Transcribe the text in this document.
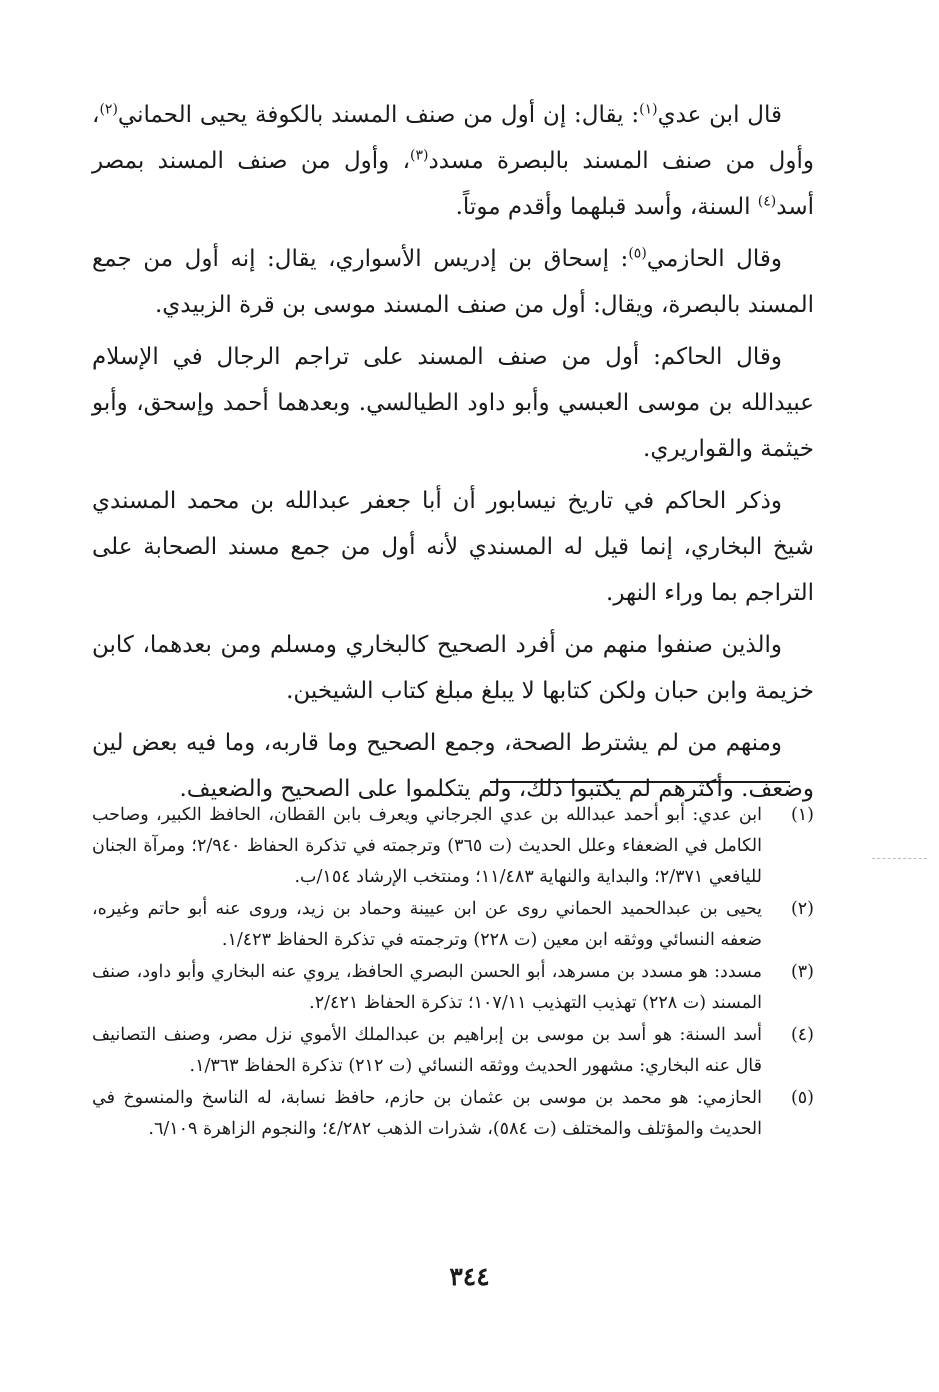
قال ابن عدي$^{(١)}$: يقال: إن أول من صنف المسند بالكوفة يحيى الحماني$^{(٢)}$، وأول من صنف المسند بالبصرة مسدد$^{(٣)}$، وأول من صنف المسند بمصر أسد$^{(٤)}$ السنة، وأسد قبلهما وأقدم موتاً.

وقال الحازمي$^{(٥)}$: إسحاق بن إدريس الأسواري، يقال: إنه أول من جمع المسند بالبصرة، ويقال: أول من صنف المسند موسى بن قرة الزبيدي.

وقال الحاكم: أول من صنف المسند على تراجم الرجال في الإسلام عبيدالله بن موسى العبسي وأبو داود الطيالسي. وبعدهما أحمد وإسحق، وأبو خيثمة والقواريري.

وذكر الحاكم في تاريخ نيسابور أن أبا جعفر عبدالله بن محمد المسندي شيخ البخاري، إنما قيل له المسندي لأنه أول من جمع مسند الصحابة على التراجم بما وراء النهر.

والذين صنفوا منهم من أفرد الصحيح كالبخاري ومسلم ومن بعدهما، كابن خزيمة وابن حبان ولكن كتابها لا يبلغ مبلغ كتاب الشيخين.

ومنهم من لم يشترط الصحة، وجمع الصحيح وما قاربه، وما فيه بعض لين وضعف. وأكثرهم لم يكتبوا ذلك، ولم يتكلموا على الصحيح والضعيف.

(١)
ابن عدي: أبو أحمد عبدالله بن عدي الجرجاني ويعرف بابن القطان، الحافظ الكبير، وصاحب الكامل في الضعفاء وعلل الحديث (ت ٣٦٥) وترجمته في تذكرة الحفاظ ٢/٩٤٠؛ ومرآة الجنان لليافعي ٢/٣٧١؛ والبداية والنهاية ١١/٤٨٣؛ ومنتخب الإرشاد ١٥٤/ب.
(٢)
يحيى بن عبدالحميد الحماني روى عن ابن عيينة وحماد بن زيد، وروى عنه أبو حاتم وغيره، ضعفه النسائي ووثقه ابن معين (ت ٢٢٨) وترجمته في تذكرة الحفاظ ١/٤٢٣.
(٣)
مسدد: هو مسدد بن مسرهد، أبو الحسن البصري الحافظ، يروي عنه البخاري وأبو داود، صنف المسند (ت ٢٢٨) تهذيب التهذيب ١٠٧/١١؛ تذكرة الحفاظ ٢/٤٢١.
(٤)
أسد السنة: هو أسد بن موسى بن إبراهيم بن عبدالملك الأموي نزل مصر، وصنف التصانيف قال عنه البخاري: مشهور الحديث ووثقه النسائي (ت ٢١٢) تذكرة الحفاظ ١/٣٦٣.
(٥)
الحازمي: هو محمد بن موسى بن عثمان بن حازم، حافظ نسابة، له الناسخ والمنسوخ في الحديث والمؤتلف والمختلف (ت ٥٨٤)، شذرات الذهب ٤/٢٨٢؛ والنجوم الزاهرة ٦/١٠٩.
٣٤٤
